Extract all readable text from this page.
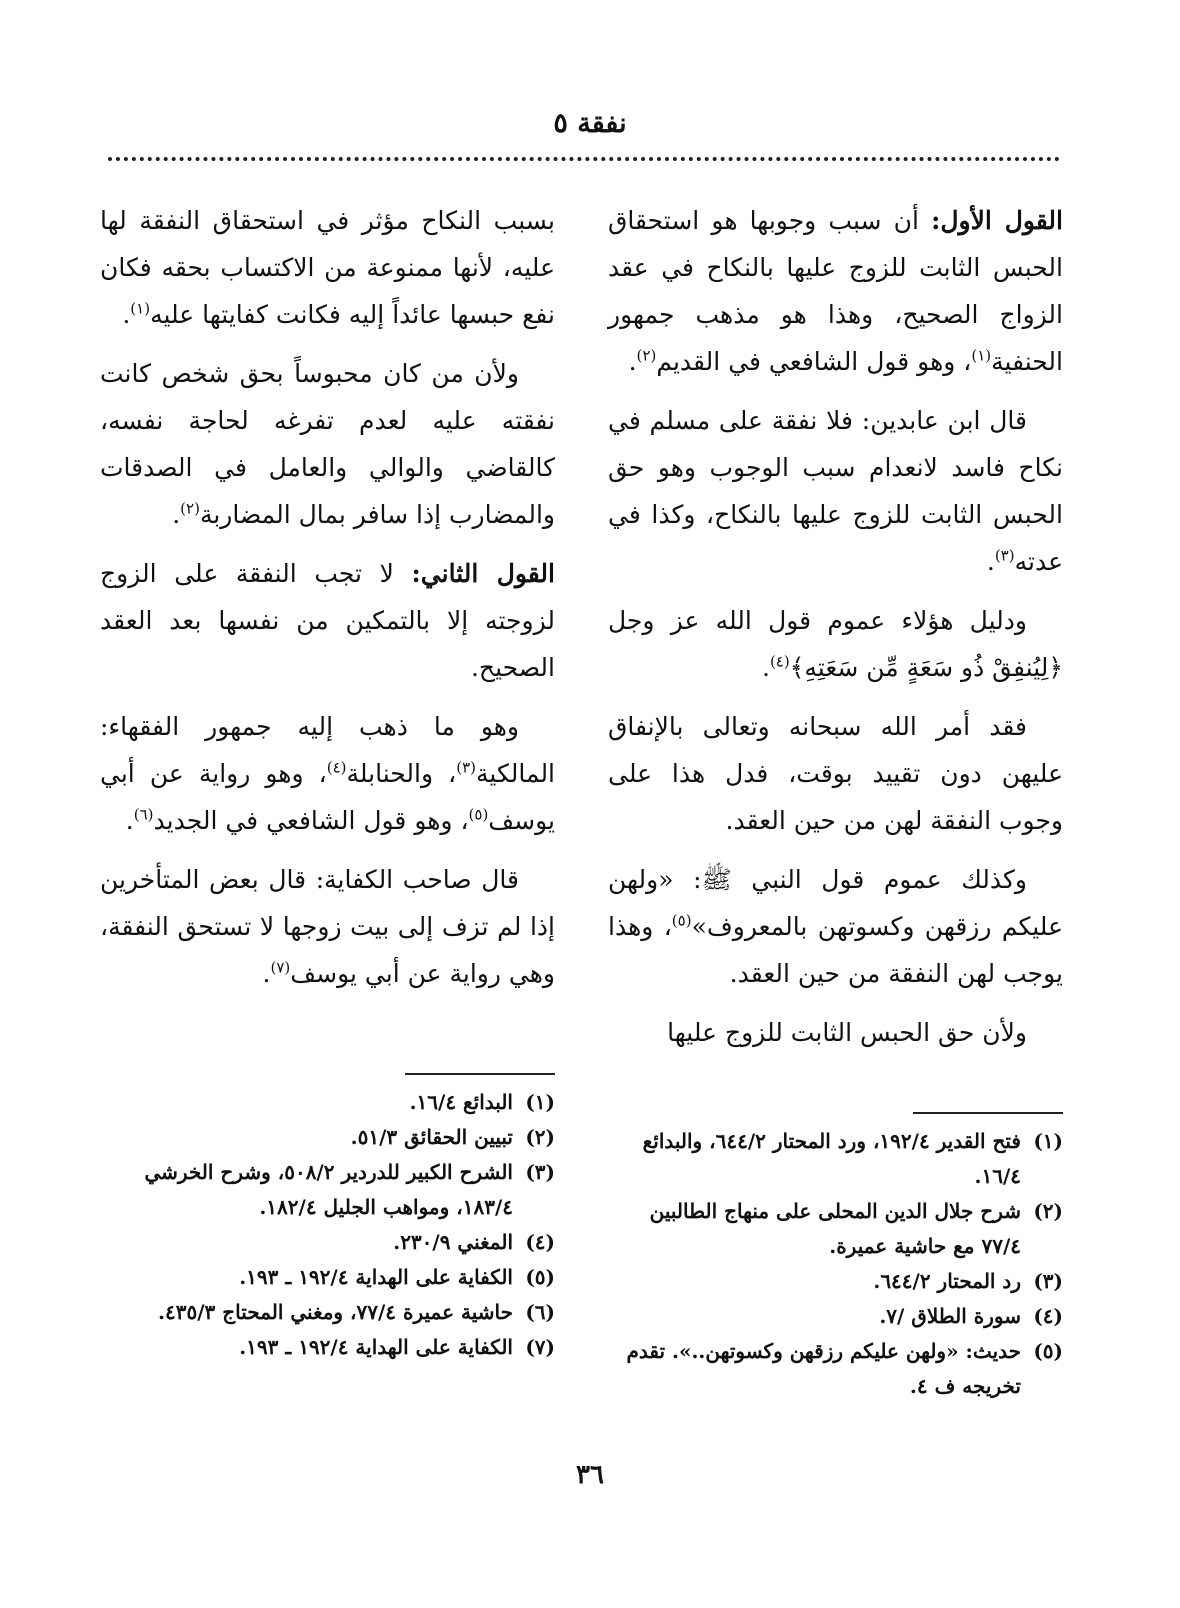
نفقة ٥

القول الأول: أن سبب وجوبها هو استحقاق الحبس الثابت للزوج عليها بالنكاح في عقد الزواج الصحيح، وهذا هو مذهب جمهور الحنفية$^{(١)}$، وهو قول الشافعي في القديم$^{(٢)}$.

قال ابن عابدين: فلا نفقة على مسلم في نكاح فاسد لانعدام سبب الوجوب وهو حق الحبس الثابت للزوج عليها بالنكاح، وكذا في عدته$^{(٣)}$.

ودليل هؤلاء عموم قول الله عز وجل ﴿لِيُنفِقْ ذُو سَعَةٍ مِّن سَعَتِهِ﴾$^{(٤)}$.

فقد أمر الله سبحانه وتعالى بالإنفاق عليهن دون تقييد بوقت، فدل هذا على وجوب النفقة لهن من حين العقد.

وكذلك عموم قول النبي ﷺ: «ولهن عليكم رزقهن وكسوتهن بالمعروف»$^{(٥)}$، وهذا يوجب لهن النفقة من حين العقد.

ولأن حق الحبس الثابت للزوج عليها

بسبب النكاح مؤثر في استحقاق النفقة لها عليه، لأنها ممنوعة من الاكتساب بحقه فكان نفع حبسها عائداً إليه فكانت كفايتها عليه$^{(١)}$.

ولأن من كان محبوساً بحق شخص كانت نفقته عليه لعدم تفرغه لحاجة نفسه، كالقاضي والوالي والعامل في الصدقات والمضارب إذا سافر بمال المضاربة$^{(٢)}$.

القول الثاني: لا تجب النفقة على الزوج لزوجته إلا بالتمكين من نفسها بعد العقد الصحيح.

وهو ما ذهب إليه جمهور الفقهاء: المالكية$^{(٣)}$، والحنابلة$^{(٤)}$، وهو رواية عن أبي يوسف$^{(٥)}$، وهو قول الشافعي في الجديد$^{(٦)}$.

قال صاحب الكفاية: قال بعض المتأخرين إذا لم تزف إلى بيت زوجها لا تستحق النفقة، وهي رواية عن أبي يوسف$^{(٧)}$.

(١)
فتح القدير ١٩٢/٤، ورد المحتار ٦٤٤/٢، والبدائع ١٦/٤.
(٢)
شرح جلال الدين المحلى على منهاج الطالبين ٧٧/٤ مع حاشية عميرة.
(٣)
رد المحتار ٦٤٤/٢.
(٤)
سورة الطلاق /٧.
(٥)
حديث: «ولهن عليكم رزقهن وكسوتهن..». تقدم تخريجه ف ٤.
(١)
البدائع ١٦/٤.
(٢)
تبيين الحقائق ٥١/٣.
(٣)
الشرح الكبير للدردير ٥٠٨/٢، وشرح الخرشي ١٨٣/٤، ومواهب الجليل ١٨٢/٤.
(٤)
المغني ٢٣٠/٩.
(٥)
الكفاية على الهداية ١٩٢/٤ ـ ١٩٣.
(٦)
حاشية عميرة ٧٧/٤، ومغني المحتاج ٤٣٥/٣.
(٧)
الكفاية على الهداية ١٩٢/٤ ـ ١٩٣.
٣٦
